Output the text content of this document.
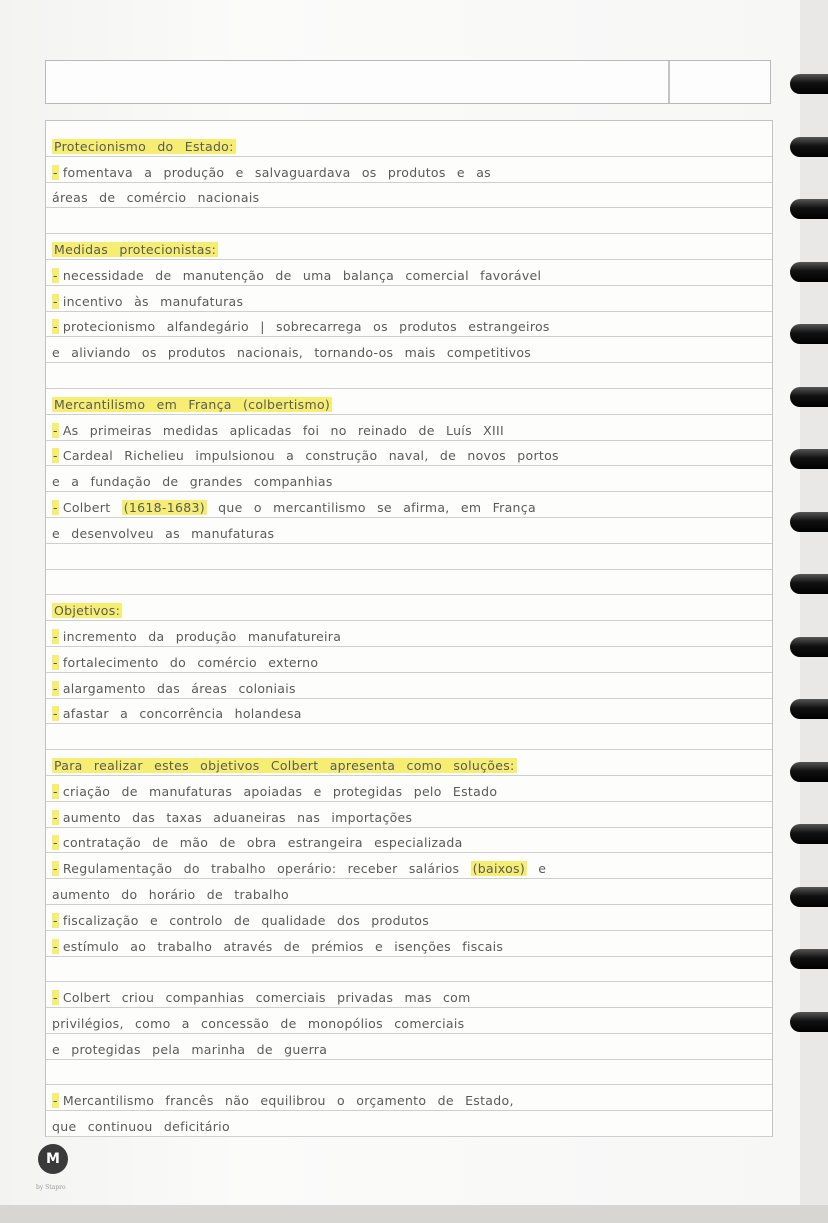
Protecionismo do Estado:
- fomentava a produção e salvaguardava os produtos e as
áreas de comércio nacionais
Medidas protecionistas:
- necessidade de manutenção de uma balança comercial favorável
- incentivo às manufaturas
- protecionismo alfandegário | sobrecarrega os produtos estrangeiros
e aliviando os produtos nacionais, tornando-os mais competitivos
Mercantilismo em França (colbertismo)
- As primeiras medidas aplicadas foi no reinado de Luís XIII
- Cardeal Richelieu impulsionou a construção naval, de novos portos
e a fundação de grandes companhias
- Colbert (1618-1683) que o mercantilismo se afirma, em França
e desenvolveu as manufaturas
Objetivos:
- incremento da produção manufatureira
- fortalecimento do comércio externo
- alargamento das áreas coloniais
- afastar a concorrência holandesa
Para realizar estes objetivos Colbert apresenta como soluções:
- criação de manufaturas apoiadas e protegidas pelo Estado
- aumento das taxas aduaneiras nas importações
- contratação de mão de obra estrangeira especializada
- Regulamentação do trabalho operário: receber salários (baixos) e
aumento do horário de trabalho
- fiscalização e controlo de qualidade dos produtos
- estímulo ao trabalho através de prémios e isenções fiscais
- Colbert criou companhias comerciais privadas mas com
privilégios, como a concessão de monopólios comerciais
e protegidas pela marinha de guerra
- Mercantilismo francês não equilibrou o orçamento de Estado,
que continuou deficitário
M
by Stapro
